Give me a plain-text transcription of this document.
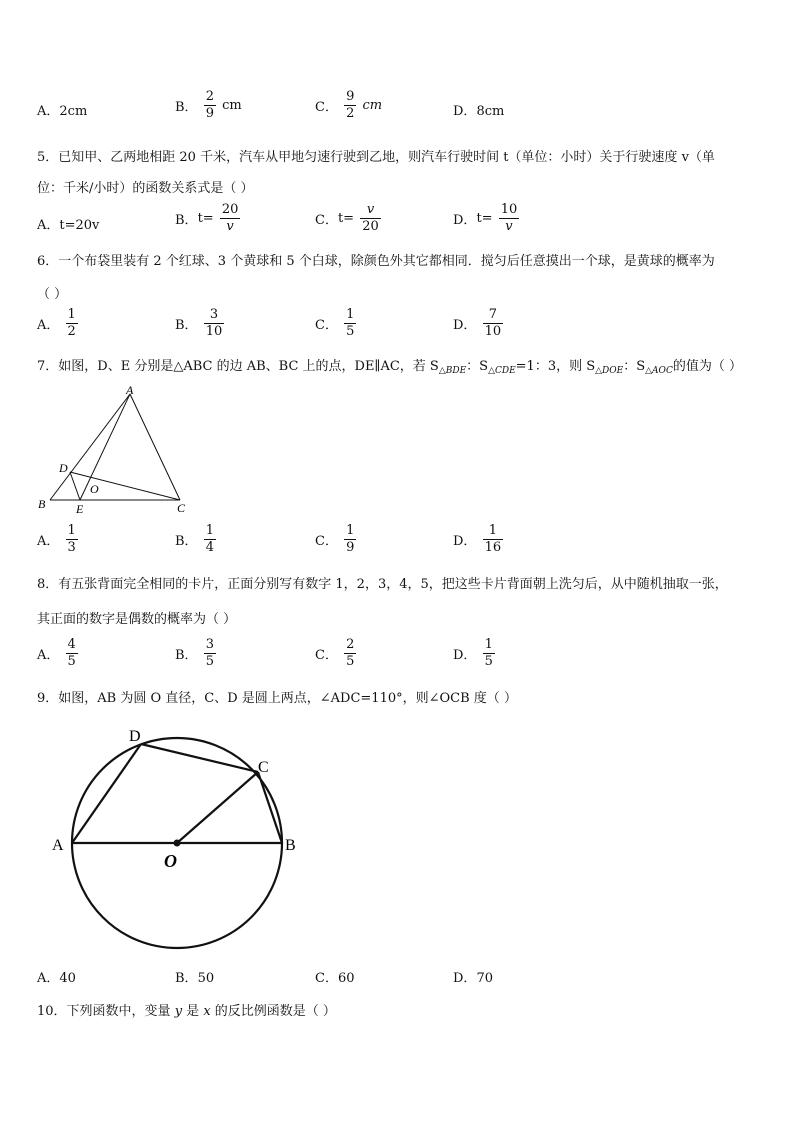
A．2cm	B． $\frac{2}{9}$ cm	C． $\frac{9}{2}$ cm	D．8cm
5．已知甲、乙两地相距 20 千米，汽车从甲地匀速行驶到乙地，则汽车行驶时间 t（单位：小时）关于行驶速度 v（单
位：千米/小时）的函数关系式是（ ）
A．t=20v	B．$t= \frac{20}{v}$	C．$t= \frac{v}{20}$	D．$t= \frac{10}{v}$
6．一个布袋里装有 2 个红球、3 个黄球和 5 个白球，除颜色外其它都相同．搅匀后任意摸出一个球，是黄球的概率为
（ ）
A． $\frac{1}{2}$	B． $\frac{3}{10}$	C． $\frac{1}{5}$	D． $\frac{7}{10}$
7．如图，D、E 分别是△ABC 的边 AB、BC 上的点，DE∥AC，若 $S_{\triangle BDE}$：$S_{\triangle CDE}=1$：3，则 $S_{\triangle DOE}$：$S_{\triangle AOC}$的值为（ ）
A
B	C
D
E
O
A． $\frac{1}{3}$	B． $\frac{1}{4}$	C． $\frac{1}{9}$	D． $\frac{1}{16}$
8．有五张背面完全相同的卡片，正面分别写有数字 1，2，3，4，5，把这些卡片背面朝上洗匀后，从中随机抽取一张，
其正面的数字是偶数的概率为（ ）
A． $\frac{4}{5}$	B． $\frac{3}{5}$	C． $\frac{2}{5}$	D． $\frac{1}{5}$
9．如图，AB 为圆 O 直径，C、D 是圆上两点，∠ADC=110°，则∠OCB 度（ ）
A	B
C
D
O
A．40	B．50	C．60	D．70
10．下列函数中，变量 y 是 x 的反比例函数是（ ）
